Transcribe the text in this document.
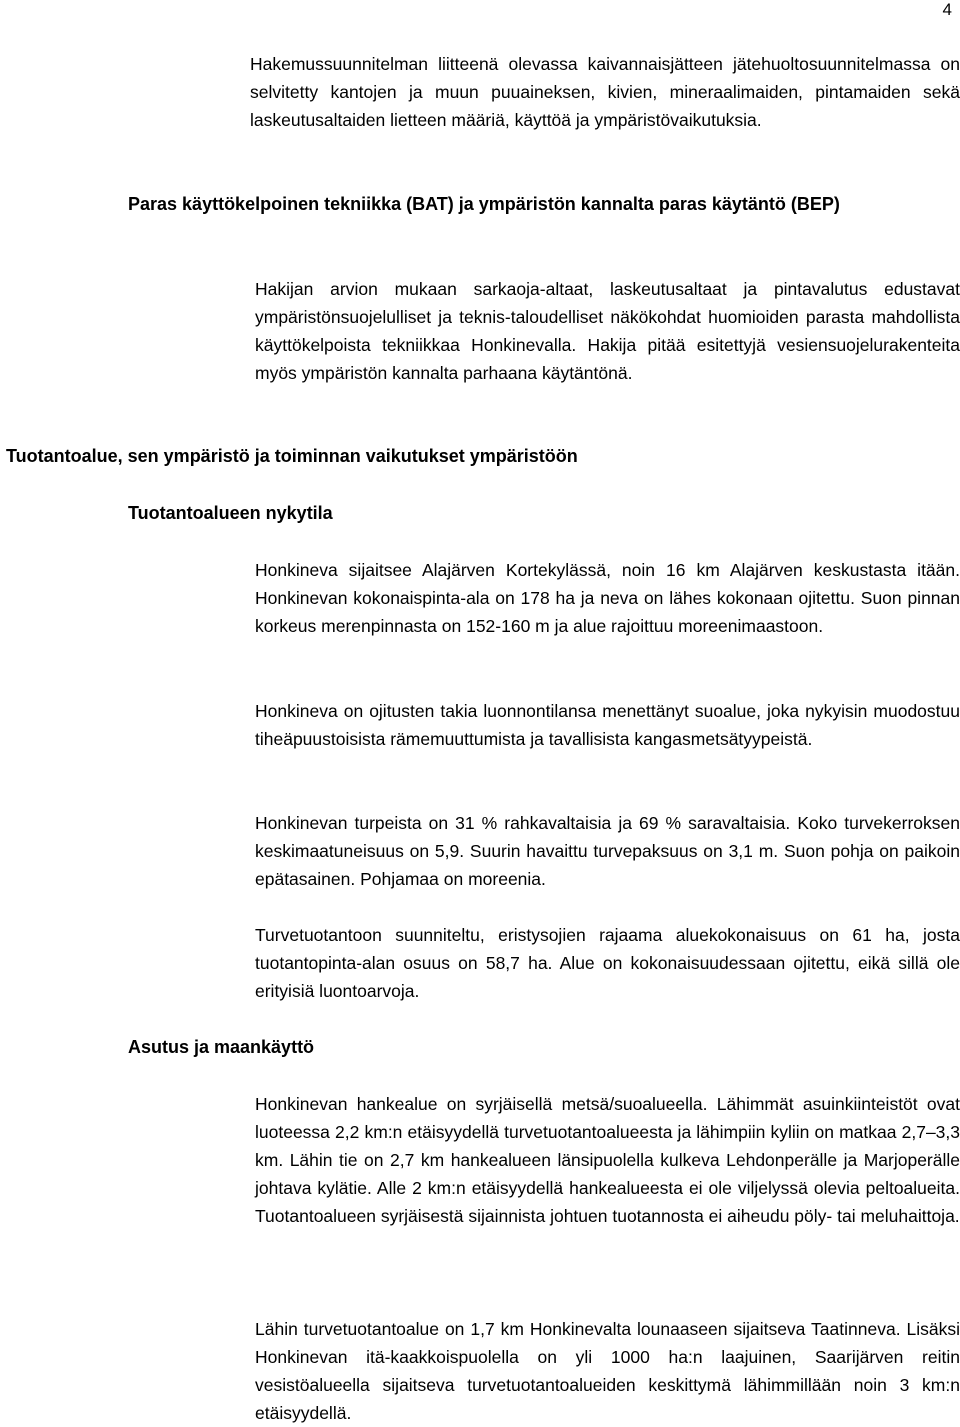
4

Hakemussuunnitelman liitteenä olevassa kaivannaisjätteen jätehuoltosuunnitelmassa on selvitetty kantojen ja muun puuaineksen, kivien, mineraalimaiden, pintamaiden sekä laskeutusaltaiden lietteen määriä, käyttöä ja ympäristövaikutuksia.

Paras käyttökelpoinen tekniikka (BAT) ja ympäristön kannalta paras käytäntö (BEP)

Hakijan arvion mukaan sarkaoja-altaat, laskeutusaltaat ja pintavalutus edustavat ympäristönsuojelulliset ja teknis-taloudelliset näkökohdat huomioiden parasta mahdollista käyttökelpoista tekniikkaa Honkinevalla. Hakija pitää esitettyjä vesiensuojelurakenteita myös ympäristön kannalta parhaana käytäntönä.

Tuotantoalue, sen ympäristö ja toiminnan vaikutukset ympäristöön
Tuotantoalueen nykytila

Honkineva sijaitsee Alajärven Kortekylässä, noin 16 km Alajärven keskustasta itään. Honkinevan kokonaispinta-ala on 178 ha ja neva on lähes kokonaan ojitettu. Suon pinnan korkeus merenpinnasta on 152-160 m ja alue rajoittuu moreenimaastoon.

Honkineva on ojitusten takia luonnontilansa menettänyt suoalue, joka nykyisin muodostuu tiheäpuustoisista rämemuuttumista ja tavallisista kangasmetsätyypeistä.

Honkinevan turpeista on 31 % rahkavaltaisia ja 69 % saravaltaisia. Koko turvekerroksen keskimaatuneisuus on 5,9. Suurin havaittu turvepaksuus on 3,1 m. Suon pohja on paikoin epätasainen. Pohjamaa on moreenia.

Turvetuotantoon suunniteltu, eristysojien rajaama aluekokonaisuus on 61 ha, josta tuotantopinta-alan osuus on 58,7 ha. Alue on kokonaisuudessaan ojitettu, eikä sillä ole erityisiä luontoarvoja.

Asutus ja maankäyttö

Honkinevan hankealue on syrjäisellä metsä/suoalueella. Lähimmät asuinkiinteistöt ovat luoteessa 2,2 km:n etäisyydellä turvetuotantoalueesta ja lähimpiin kyliin on matkaa 2,7–3,3 km. Lähin tie on 2,7 km hankealueen länsipuolella kulkeva Lehdonperälle ja Marjoperälle johtava kylätie. Alle 2 km:n etäisyydellä hankealueesta ei ole viljelyssä olevia peltoalueita. Tuotantoalueen syrjäisestä sijainnista johtuen tuotannosta ei aiheudu pöly- tai meluhaittoja.

Lähin turvetuotantoalue on 1,7 km Honkinevalta lounaaseen sijaitseva Taatinneva. Lisäksi Honkinevan itä-kaakkoispuolella on yli 1000 ha:n laajuinen, Saarijärven reitin vesistöalueella sijaitseva turvetuotantoalueiden keskittymä lähimmillään noin 3 km:n etäisyydellä.
